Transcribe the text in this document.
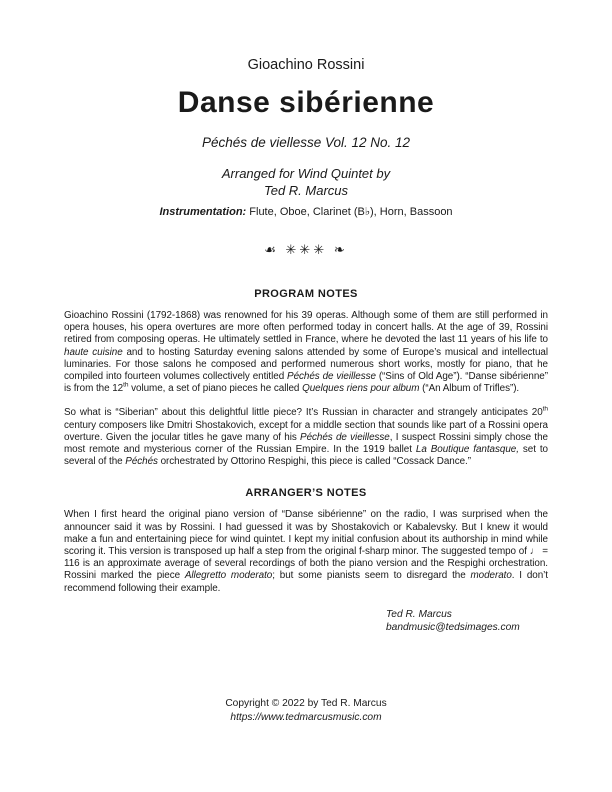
Gioachino Rossini
Danse sibérienne
Péchés de viellesse Vol. 12 No. 12
Arranged for Wind Quintet by
Ted R. Marcus
Instrumentation: Flute, Oboe, Clarinet (B♭), Horn, Bassoon
☙ ✳✳✳ ❧
PROGRAM NOTES
Gioachino Rossini (1792-1868) was renowned for his 39 operas. Although some of them are still performed in opera houses, his opera overtures are more often performed today in concert halls. At the age of 39, Rossini retired from composing operas. He ultimately settled in France, where he devoted the last 11 years of his life to haute cuisine and to hosting Saturday evening salons attended by some of Europe’s musical and intellectual luminaries. For those salons he composed and performed numerous short works, mostly for piano, that he compiled into fourteen volumes collectively entitled Péchés de vieillesse (“Sins of Old Age”). “Danse sibérienne” is from the 12th volume, a set of piano pieces he called Quelques riens pour album (“An Album of Trifles”).
So what is “Siberian” about this delightful little piece? It’s Russian in character and strangely anticipates 20th century composers like Dmitri Shostakovich, except for a middle section that sounds like part of a Rossini opera overture. Given the jocular titles he gave many of his Péchés de vieillesse, I suspect Rossini simply chose the most remote and mysterious corner of the Russian Empire. In the 1919 ballet La Boutique fantasque, set to several of the Péchés orchestrated by Ottorino Respighi, this piece is called “Cossack Dance.”
ARRANGER’S NOTES
When I first heard the original piano version of “Danse sibérienne” on the radio, I was surprised when the announcer said it was by Rossini. I had guessed it was by Shostakovich or Kabalevsky. But I knew it would make a fun and entertaining piece for wind quintet. I kept my initial confusion about its authorship in mind while scoring it. This version is transposed up half a step from the original f-sharp minor. The suggested tempo of ♩ = 116 is an approximate average of several recordings of both the piano version and the Respighi orchestration. Rossini marked the piece Allegretto moderato; but some pianists seem to disregard the moderato. I don’t recommend following their example.
Ted R. Marcus
bandmusic@tedsimages.com
Copyright © 2022 by Ted R. Marcus
https://www.tedmarcusmusic.com
